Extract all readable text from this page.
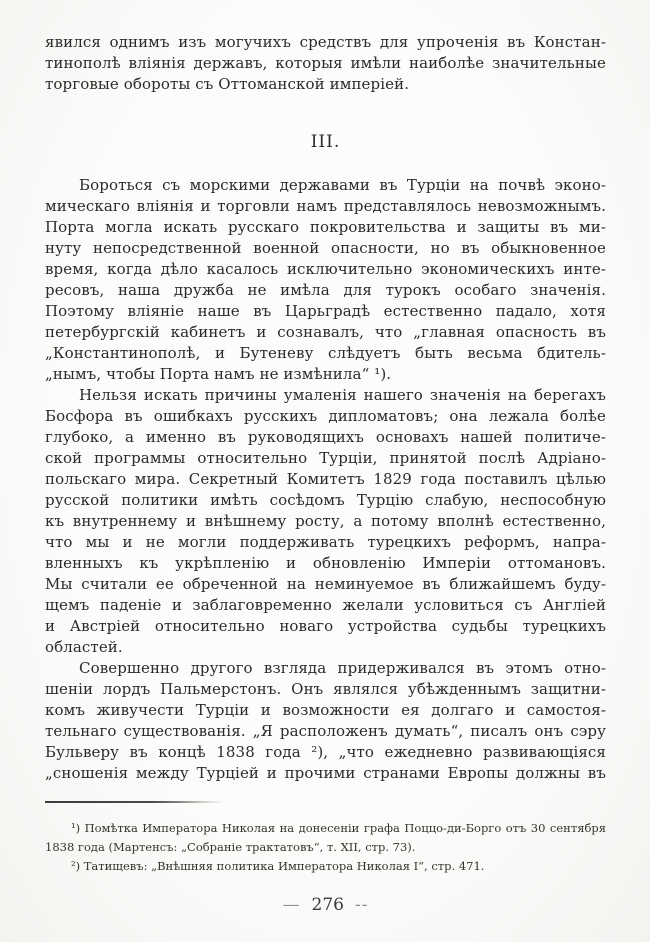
явился однимъ изъ могучихъ средствъ для упроченія въ Констан-
тинополѣ вліянія державъ, которыя имѣли наиболѣе значительные
торговые обороты съ Оттоманской имперіей.
III.
Бороться съ морскими державами въ Турціи на почвѣ эконо-
мическаго вліянія и торговли намъ представлялось невозможнымъ.
Порта могла искать русскаго покровительства и защиты въ ми-
нуту непосредственной военной опасности, но въ обыкновенное
время, когда дѣло касалось исключительно экономическихъ инте-
ресовъ, наша дружба не имѣла для турокъ особаго значенія.
Поэтому вліяніе наше въ Царьградѣ естественно падало, хотя
петербургскій кабинетъ и сознавалъ, что „главная опасность въ
„Константинополѣ, и Бутеневу слѣдуетъ быть весьма бдитель-
„нымъ, чтобы Порта намъ не измѣнила“ ¹).
Нельзя искать причины умаленія нашего значенія на берегахъ
Босфора въ ошибкахъ русскихъ дипломатовъ; она лежала болѣе
глубоко, а именно въ руководящихъ основахъ нашей политиче-
ской программы относительно Турціи, принятой послѣ Адріано-
польскаго мира. Секретный Комитетъ 1829 года поставилъ цѣлью
русской политики имѣть сосѣдомъ Турцію слабую, неспособную
къ внутреннему и внѣшнему росту, а потому вполнѣ естественно,
что мы и не могли поддерживать турецкихъ реформъ, напра-
вленныхъ къ укрѣпленію и обновленію Имперіи оттомановъ.
Мы считали ее обреченной на неминуемое въ ближайшемъ буду-
щемъ паденіе и заблаговременно желали условиться съ Англіей
и Австріей относительно новаго устройства судьбы турецкихъ
областей.
Совершенно другого взгляда придерживался въ этомъ отно-
шеніи лордъ Пальмерстонъ. Онъ являлся убѣжденнымъ защитни-
комъ живучести Турціи и возможности ея долгаго и самостоя-
тельнаго существованія. „Я расположенъ думать“, писалъ онъ сэру
Бульверу въ концѣ 1838 года ²), „что ежедневно развивающіяся
„сношенія между Турціей и прочими странами Европы должны въ
¹) Помѣтка Императора Николая на донесеніи графа Поццо-ди-Борго отъ 30 сентября
1838 года (Мартенсъ: „Собраніе трактатовъ“, т. XII, стр. 73).
²) Татищевъ: „Внѣшняя политика Императора Николая I“, стр. 471.
— 276 --
